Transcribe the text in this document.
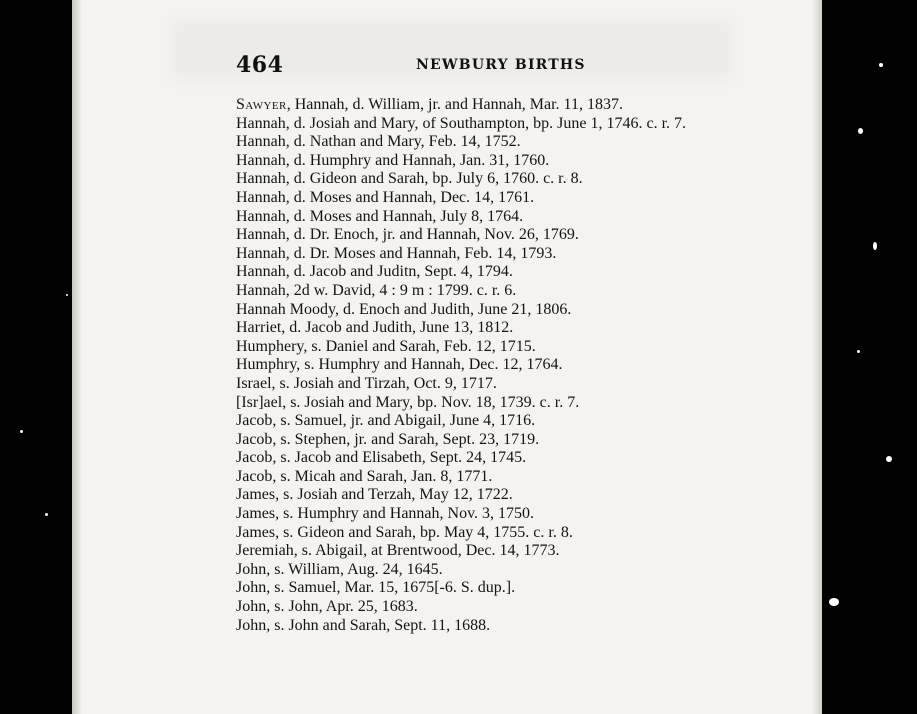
464	NEWBURY BIRTHS
Sawyer, Hannah, d. William, jr. and Hannah, Mar. 11, 1837.
Hannah, d. Josiah and Mary, of Southampton, bp. June 1, 1746. c. r. 7.
Hannah, d. Nathan and Mary, Feb. 14, 1752.
Hannah, d. Humphry and Hannah, Jan. 31, 1760.
Hannah, d. Gideon and Sarah, bp. July 6, 1760. c. r. 8.
Hannah, d. Moses and Hannah, Dec. 14, 1761.
Hannah, d. Moses and Hannah, July 8, 1764.
Hannah, d. Dr. Enoch, jr. and Hannah, Nov. 26, 1769.
Hannah, d. Dr. Moses and Hannah, Feb. 14, 1793.
Hannah, d. Jacob and Juditn, Sept. 4, 1794.
Hannah, 2d w. David, 4 : 9 m : 1799. c. r. 6.
Hannah Moody, d. Enoch and Judith, June 21, 1806.
Harriet, d. Jacob and Judith, June 13, 1812.
Humphery, s. Daniel and Sarah, Feb. 12, 1715.
Humphry, s. Humphry and Hannah, Dec. 12, 1764.
Israel, s. Josiah and Tirzah, Oct. 9, 1717.
[Isr]ael, s. Josiah and Mary, bp. Nov. 18, 1739. c. r. 7.
Jacob, s. Samuel, jr. and Abigail, June 4, 1716.
Jacob, s. Stephen, jr. and Sarah, Sept. 23, 1719.
Jacob, s. Jacob and Elisabeth, Sept. 24, 1745.
Jacob, s. Micah and Sarah, Jan. 8, 1771.
James, s. Josiah and Terzah, May 12, 1722.
James, s. Humphry and Hannah, Nov. 3, 1750.
James, s. Gideon and Sarah, bp. May 4, 1755. c. r. 8.
Jeremiah, s. Abigail, at Brentwood, Dec. 14, 1773.
John, s. William, Aug. 24, 1645.
John, s. Samuel, Mar. 15, 1675[-6. S. dup.].
John, s. John, Apr. 25, 1683.
John, s. John and Sarah, Sept. 11, 1688.
